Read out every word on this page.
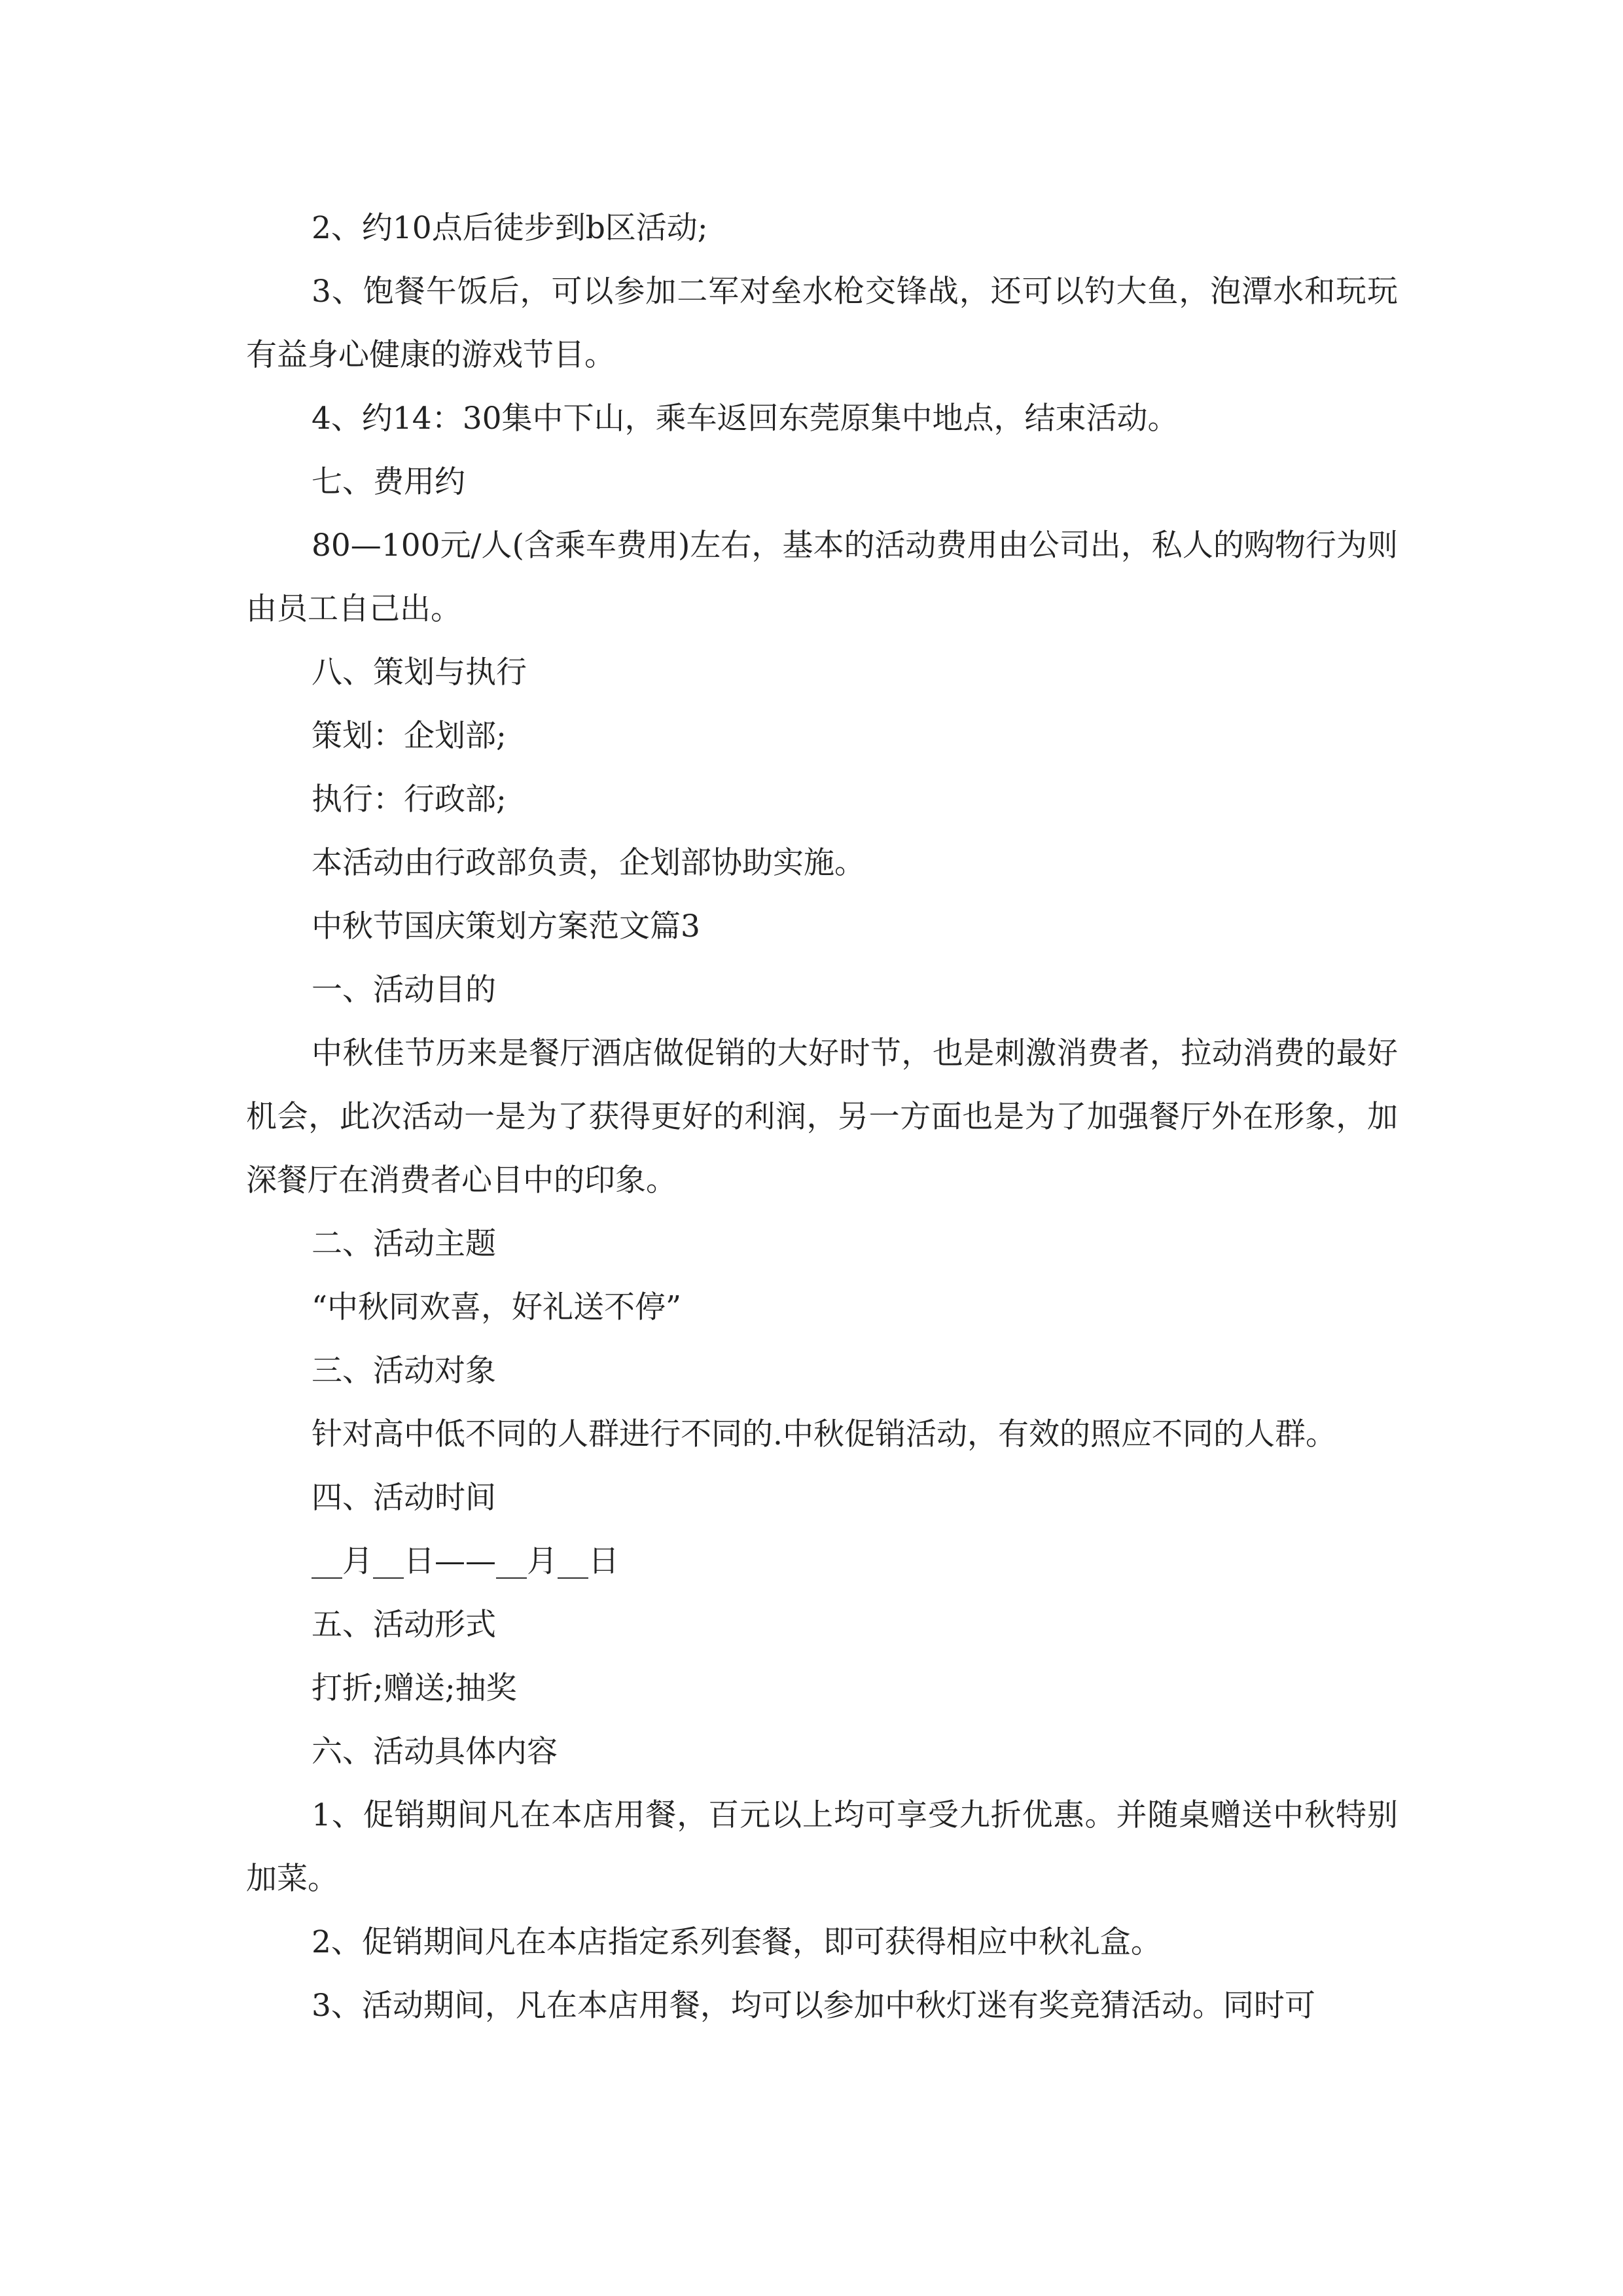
2、约10点后徒步到b区活动;

3、饱餐午饭后，可以参加二军对垒水枪交锋战，还可以钓大鱼，泡潭水和玩玩有益身心健康的游戏节目。

4、约14：30集中下山，乘车返回东莞原集中地点，结束活动。

七、费用约

80—100元/人(含乘车费用)左右，基本的活动费用由公司出，私人的购物行为则由员工自己出。

八、策划与执行

策划：企划部;

执行：行政部;

本活动由行政部负责，企划部协助实施。

中秋节国庆策划方案范文篇3

一、活动目的

中秋佳节历来是餐厅酒店做促销的大好时节，也是刺激消费者，拉动消费的最好机会，此次活动一是为了获得更好的利润，另一方面也是为了加强餐厅外在形象，加深餐厅在消费者心目中的印象。

二、活动主题

“中秋同欢喜，好礼送不停”

三、活动对象

针对高中低不同的人群进行不同的.中秋促销活动，有效的照应不同的人群。

四、活动时间

__月__日——__月__日

五、活动形式

打折;赠送;抽奖

六、活动具体内容

1、促销期间凡在本店用餐，百元以上均可享受九折优惠。并随桌赠送中秋特别加菜。

2、促销期间凡在本店指定系列套餐，即可获得相应中秋礼盒。

3、活动期间，凡在本店用餐，均可以参加中秋灯迷有奖竞猜活动。同时可
